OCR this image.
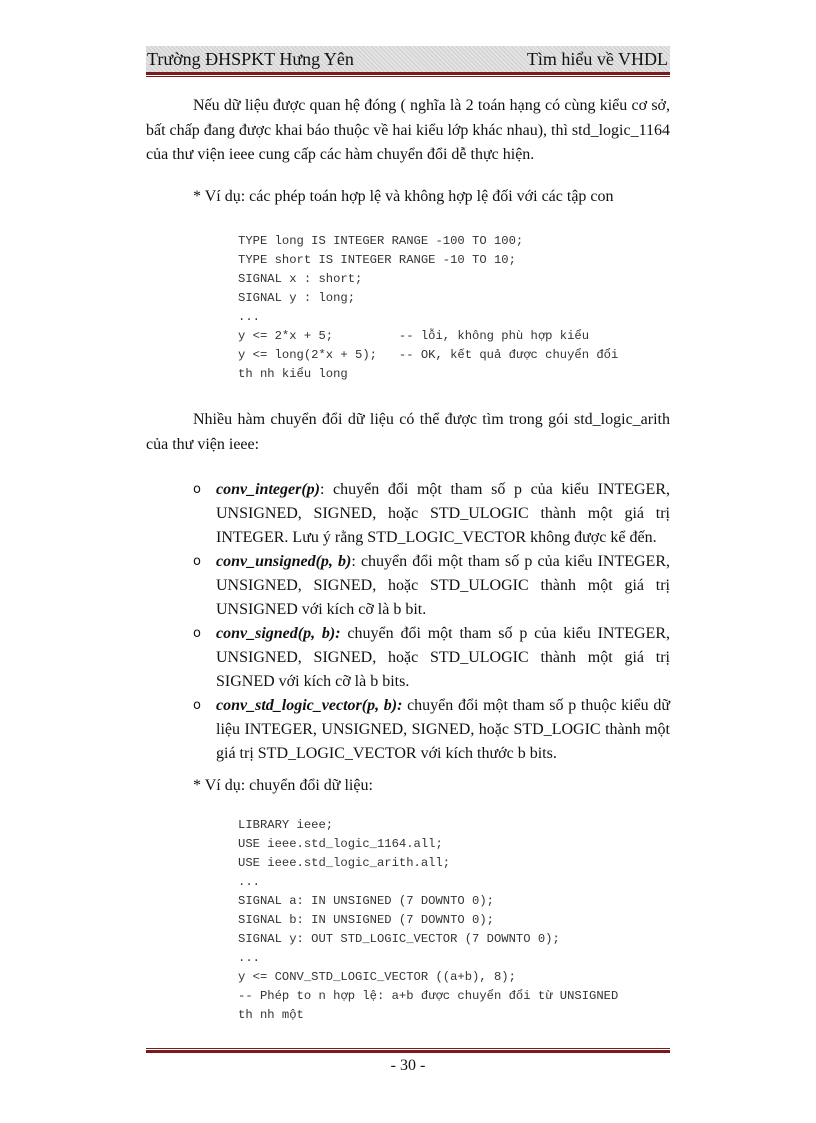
Trường ĐHSPKT Hưng Yên	Tìm hiểu về VHDL

Nếu dữ liệu được quan hệ đóng ( nghĩa là 2 toán hạng có cùng kiểu cơ sở, bất chấp đang được khai báo thuộc về hai kiểu lớp khác nhau), thì std_logic_1164 của thư viện ieee cung cấp các hàm chuyển đổi dễ thực hiện.

* Ví dụ: các phép toán hợp lệ và không hợp lệ đối với các tập con
TYPE long IS INTEGER RANGE -100 TO 100;
TYPE short IS INTEGER RANGE -10 TO 10;
SIGNAL x : short;
SIGNAL y : long;
...
y <= 2*x + 5;         -- lỗi, không phù hợp kiểu
y <= long(2*x + 5);   -- OK, kết quả được chuyển đổi
th nh kiểu long

Nhiều hàm chuyển đổi dữ liệu có thể được tìm trong gói std_logic_arith của thư viện ieee:

o conv_integer(p): chuyển đổi một tham số p của kiểu INTEGER, UNSIGNED, SIGNED, hoặc STD_ULOGIC thành một giá trị INTEGER. Lưu ý rằng STD_LOGIC_VECTOR không được kể đến.
o conv_unsigned(p, b): chuyển đổi một tham số p của kiểu INTEGER, UNSIGNED, SIGNED, hoặc STD_ULOGIC thành một giá trị UNSIGNED với kích cỡ là b bit.
o conv_signed(p, b): chuyển đổi một tham số p của kiểu INTEGER, UNSIGNED, SIGNED, hoặc STD_ULOGIC thành một giá trị SIGNED với kích cỡ là b bits.
o conv_std_logic_vector(p, b): chuyển đổi một tham số p thuộc kiểu dữ liệu INTEGER, UNSIGNED, SIGNED, hoặc STD_LOGIC thành một giá trị STD_LOGIC_VECTOR với kích thước b bits.
* Ví dụ: chuyển đổi dữ liệu:
LIBRARY ieee;
USE ieee.std_logic_1164.all;
USE ieee.std_logic_arith.all;
...
SIGNAL a: IN UNSIGNED (7 DOWNTO 0);
SIGNAL b: IN UNSIGNED (7 DOWNTO 0);
SIGNAL y: OUT STD_LOGIC_VECTOR (7 DOWNTO 0);
...
y <= CONV_STD_LOGIC_VECTOR ((a+b), 8);
-- Phép to n hợp lệ: a+b được chuyển đổi từ UNSIGNED
th nh một
- 30 -
